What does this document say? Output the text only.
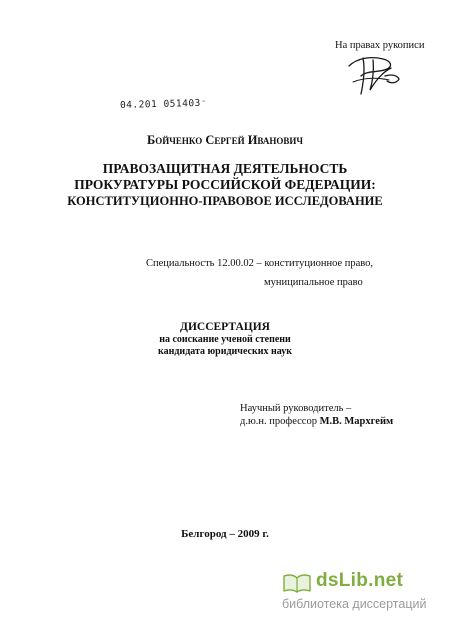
На правах рукописи
04.201 051403⁻
Бойченко Сергей Иванович
ПРАВОЗАЩИТНАЯ ДЕЯТЕЛЬНОСТЬ
ПРОКУРАТУРЫ РОССИЙСКОЙ ФЕДЕРАЦИИ:
КОНСТИТУЦИОННО-ПРАВОВОЕ ИССЛЕДОВАНИЕ
Специальность 12.00.02 – конституционное право,
муниципальное право
ДИССЕРТАЦИЯ
на соискание ученой степени
кандидата юридических наук
Научный руководитель –
д.ю.н. профессор М.В. Мархгейм
Белгород – 2009 г.
dsLib.net
библиотека диссертаций
